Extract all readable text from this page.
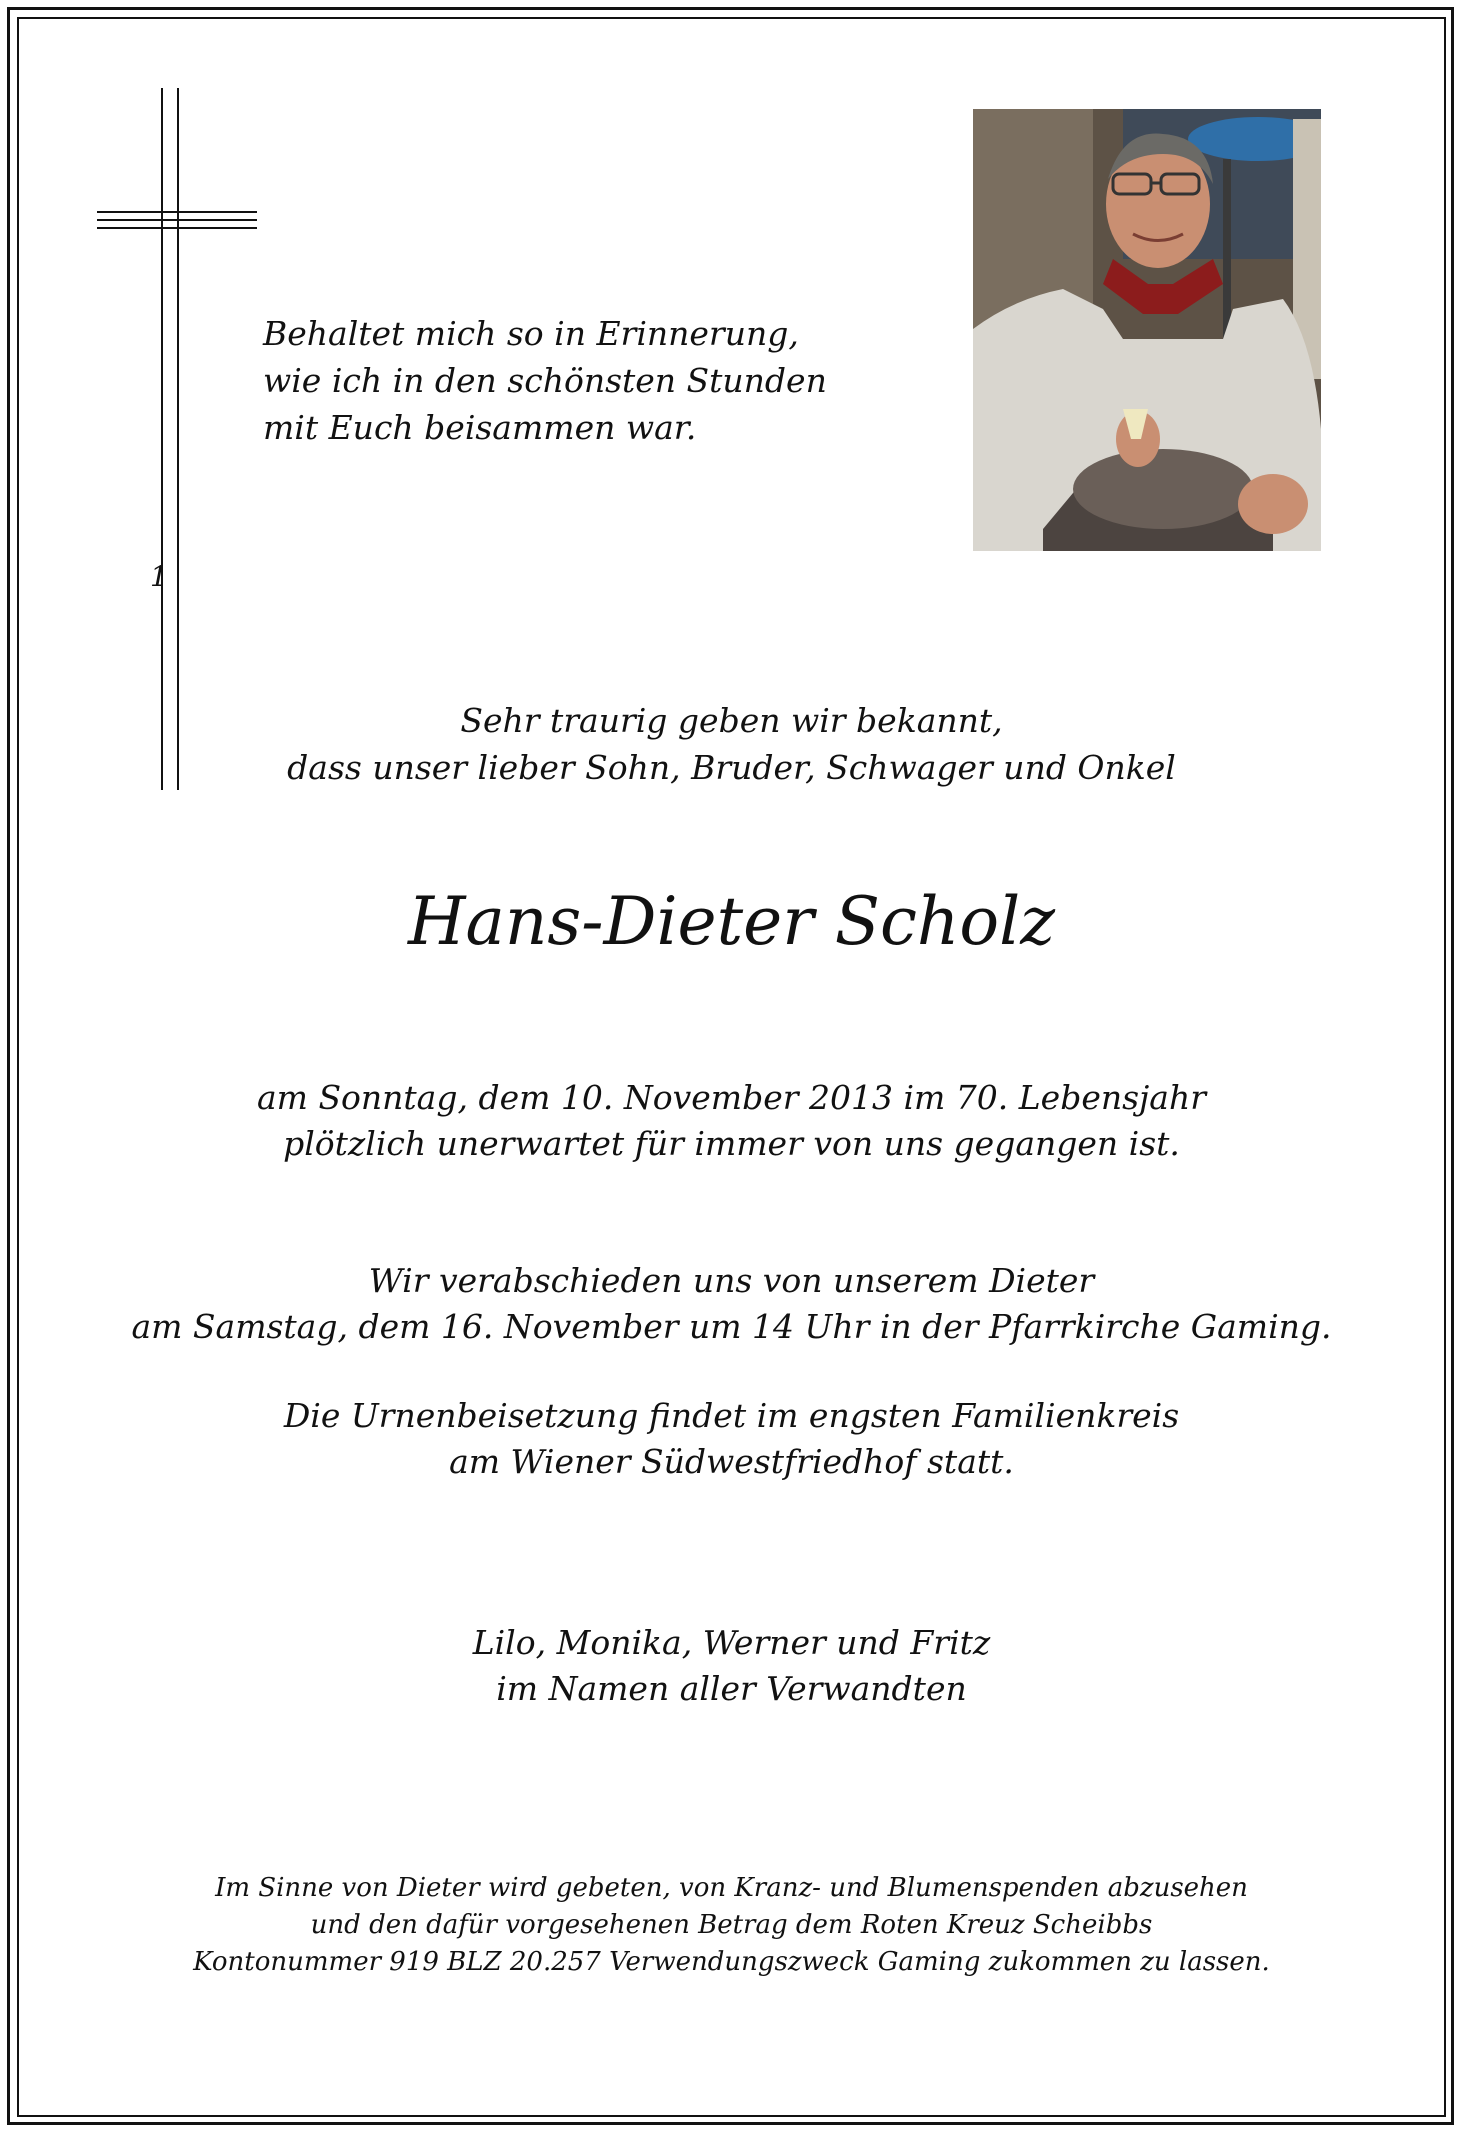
1
Behaltet mich so in Erinnerung,
wie ich in den schönsten Stunden
mit Euch beisammen war.
Sehr traurig geben wir bekannt,
dass unser lieber Sohn, Bruder, Schwager und Onkel
Hans-Dieter Scholz
am Sonntag, dem 10. November 2013 im 70. Lebensjahr
plötzlich unerwartet für immer von uns gegangen ist.
Wir verabschieden uns von unserem Dieter
am Samstag, dem 16. November um 14 Uhr in der Pfarrkirche Gaming.
Die Urnenbeisetzung findet im engsten Familienkreis
am Wiener Südwestfriedhof statt.
Lilo, Monika, Werner und Fritz
im Namen aller Verwandten
Im Sinne von Dieter wird gebeten, von Kranz- und Blumenspenden abzusehen
und den dafür vorgesehenen Betrag dem Roten Kreuz Scheibbs
Kontonummer 919 BLZ 20.257 Verwendungszweck Gaming zukommen zu lassen.
